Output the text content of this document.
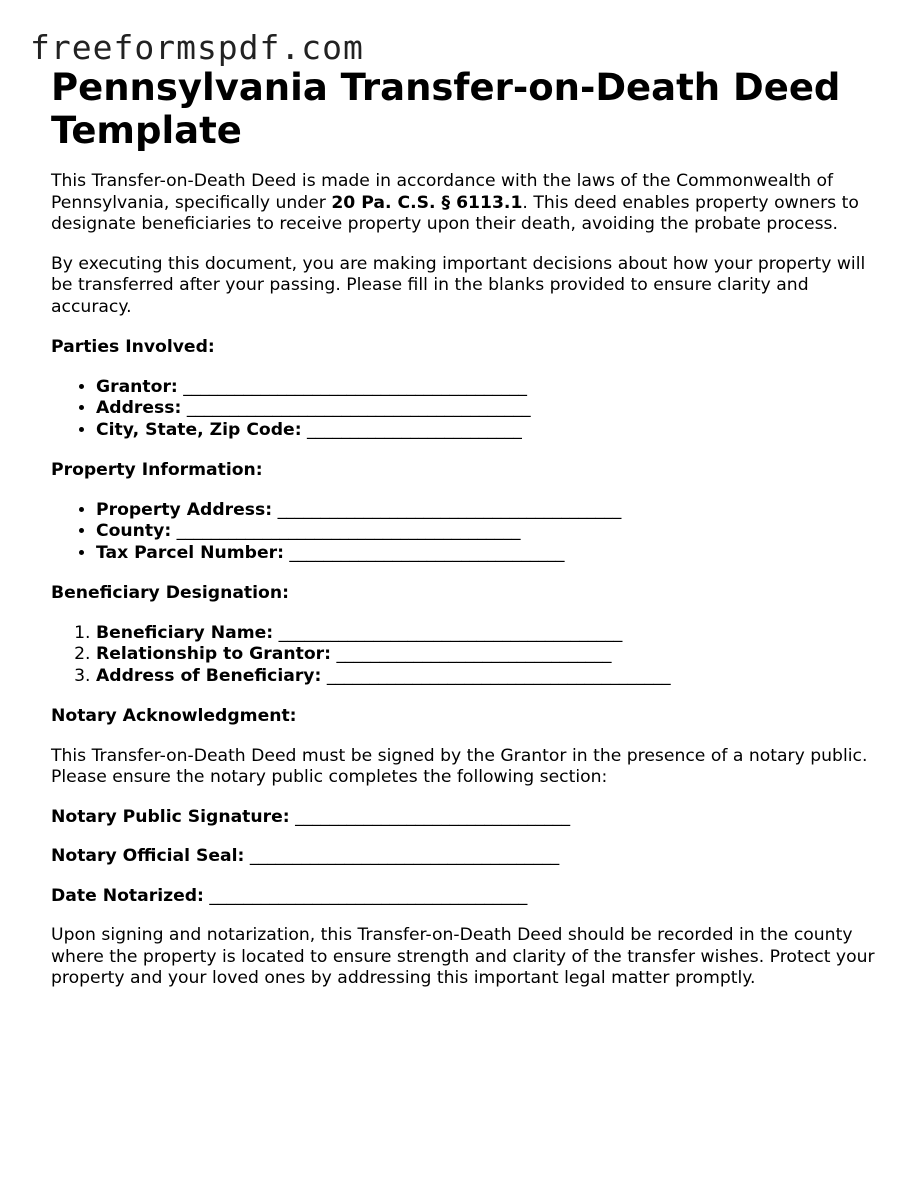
freeformspdf.com
Pennsylvania Transfer-on-Death Deed Template

This Transfer-on-Death Deed is made in accordance with the laws of the Commonwealth of Pennsylvania, specifically under 20 Pa. C.S. § 6113.1. This deed enables property owners to designate beneficiaries to receive property upon their death, avoiding the probate process.

By executing this document, you are making important decisions about how your property will be transferred after your passing. Please fill in the blanks provided to ensure clarity and accuracy.

Parties Involved:
• Grantor: ________________________________________
• Address: ________________________________________
• City, State, Zip Code: _________________________
Property Information:
• Property Address: ________________________________________
• County: ________________________________________
• Tax Parcel Number: ________________________________
Beneficiary Designation:
1. Beneficiary Name: ________________________________________
2. Relationship to Grantor: ________________________________
3. Address of Beneficiary: ________________________________________
Notary Acknowledgment:

This Transfer-on-Death Deed must be signed by the Grantor in the presence of a notary public. Please ensure the notary public completes the following section:

Notary Public Signature: ________________________________
Notary Official Seal: ____________________________________
Date Notarized: _____________________________________

Upon signing and notarization, this Transfer-on-Death Deed should be recorded in the county where the property is located to ensure strength and clarity of the transfer wishes. Protect your property and your loved ones by addressing this important legal matter promptly.
